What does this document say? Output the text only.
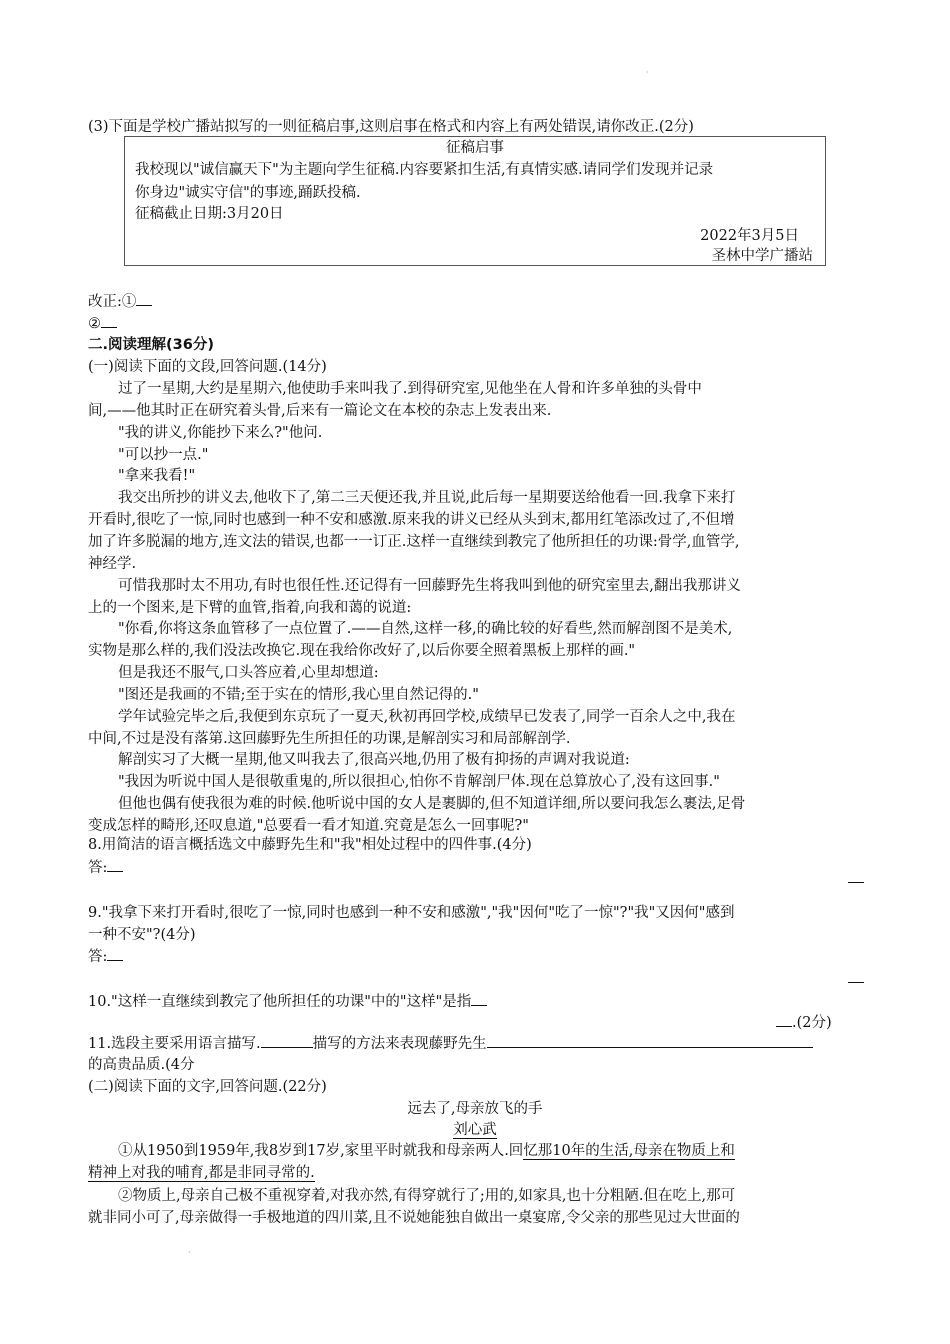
·
·
(3)下面是学校广播站拟写的一则征稿启事,这则启事在格式和内容上有两处错误,请你改正.(2分)
征稿启事
我校现以"诚信赢天下"为主题向学生征稿.内容要紧扣生活,有真情实感.请同学们发现并记录
你身边"诚实守信"的事迹,踊跃投稿.
征稿截止日期:3月20日
2022年3月5日
圣林中学广播站
改正:①
②
二.阅读理解(36分)
(一)阅读下面的文段,回答问题.(14分)
过了一星期,大约是星期六,他使助手来叫我了.到得研究室,见他坐在人骨和许多单独的头骨中
间,——他其时正在研究着头骨,后来有一篇论文在本校的杂志上发表出来.
"我的讲义,你能抄下来么?"他问.
"可以抄一点."
"拿来我看!"
我交出所抄的讲义去,他收下了,第二三天便还我,并且说,此后每一星期要送给他看一回.我拿下来打
开看时,很吃了一惊,同时也感到一种不安和感激.原来我的讲义已经从头到末,都用红笔添改过了,不但增
加了许多脱漏的地方,连文法的错误,也都一一订正.这样一直继续到教完了他所担任的功课:骨学,血管学,
神经学.
可惜我那时太不用功,有时也很任性.还记得有一回藤野先生将我叫到他的研究室里去,翻出我那讲义
上的一个图来,是下臂的血管,指着,向我和蔼的说道:
"你看,你将这条血管移了一点位置了.——自然,这样一移,的确比较的好看些,然而解剖图不是美术,
实物是那么样的,我们没法改换它.现在我给你改好了,以后你要全照着黑板上那样的画."
但是我还不服气,口头答应着,心里却想道:
"图还是我画的不错;至于实在的情形,我心里自然记得的."
学年试验完毕之后,我便到东京玩了一夏天,秋初再回学校,成绩早已发表了,同学一百余人之中,我在
中间,不过是没有落第.这回藤野先生所担任的功课,是解剖实习和局部解剖学.
解剖实习了大概一星期,他又叫我去了,很高兴地,仍用了极有抑扬的声调对我说道:
"我因为听说中国人是很敬重鬼的,所以很担心,怕你不肯解剖尸体.现在总算放心了,没有这回事."
但他也偶有使我很为难的时候.他听说中国的女人是裹脚的,但不知道详细,所以要问我怎么裹法,足骨
变成怎样的畸形,还叹息道,"总要看一看才知道.究竟是怎么一回事呢?"
8.用简洁的语言概括选文中藤野先生和"我"相处过程中的四件事.(4分)
答:
9."我拿下来打开看时,很吃了一惊,同时也感到一种不安和感激","我"因何"吃了一惊"?"我"又因何"感到
一种不安"?(4分)
答:
10."这样一直继续到教完了他所担任的功课"中的"这样"是指
.(2分)
11.选段主要采用语言描写.	描写的方法来表现藤野先生
的高贵品质.(4分
(二)阅读下面的文字,回答问题.(22分)
远去了,母亲放飞的手
刘心武
①从1950到1959年,我8岁到17岁,家里平时就我和母亲两人.回忆那10年的生活,母亲在物质上和
精神上对我的哺育,都是非同寻常的.
②物质上,母亲自己极不重视穿着,对我亦然,有得穿就行了;用的,如家具,也十分粗陋.但在吃上,那可
就非同小可了,母亲做得一手极地道的四川菜,且不说她能独自做出一桌宴席,令父亲的那些见过大世面的
